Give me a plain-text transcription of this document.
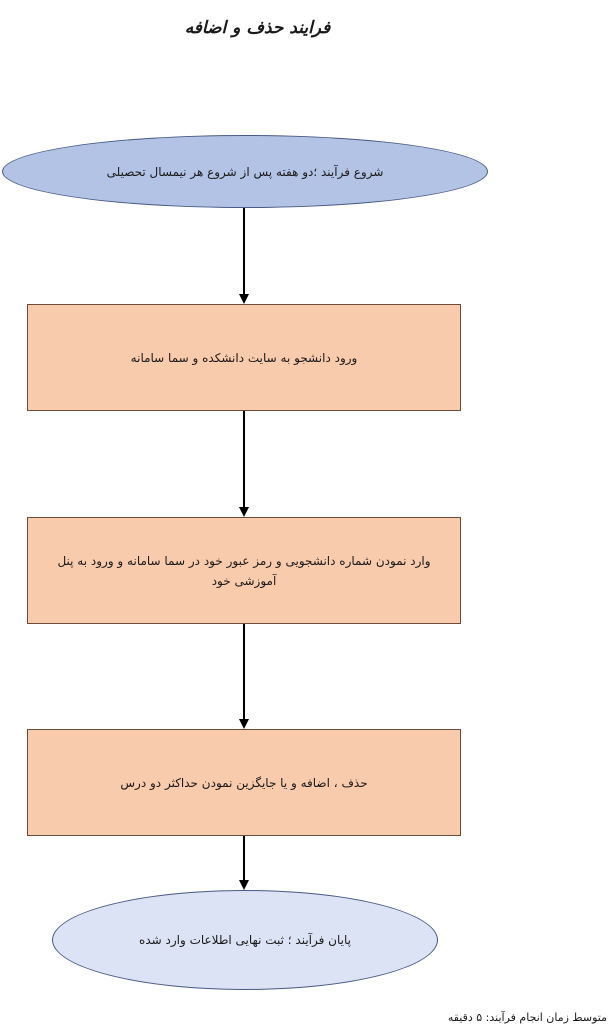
فرایند حذف و اضافه
شروع فرآیند ؛دو هفته پس از شروع هر نیمسال تحصیلی
ورود دانشجو به سایت دانشکده و سما سامانه
وارد نمودن شماره دانشجویی و رمز عبور خود در سما سامانه و ورود به پنل آموزشی خود
حذف ، اضافه و یا جایگزین نمودن حداکثر دو درس
پایان فرآیند ؛ ثبت نهایی اطلاعات وارد شده
متوسط زمان انجام فرآیند: ۵ دقیقه
